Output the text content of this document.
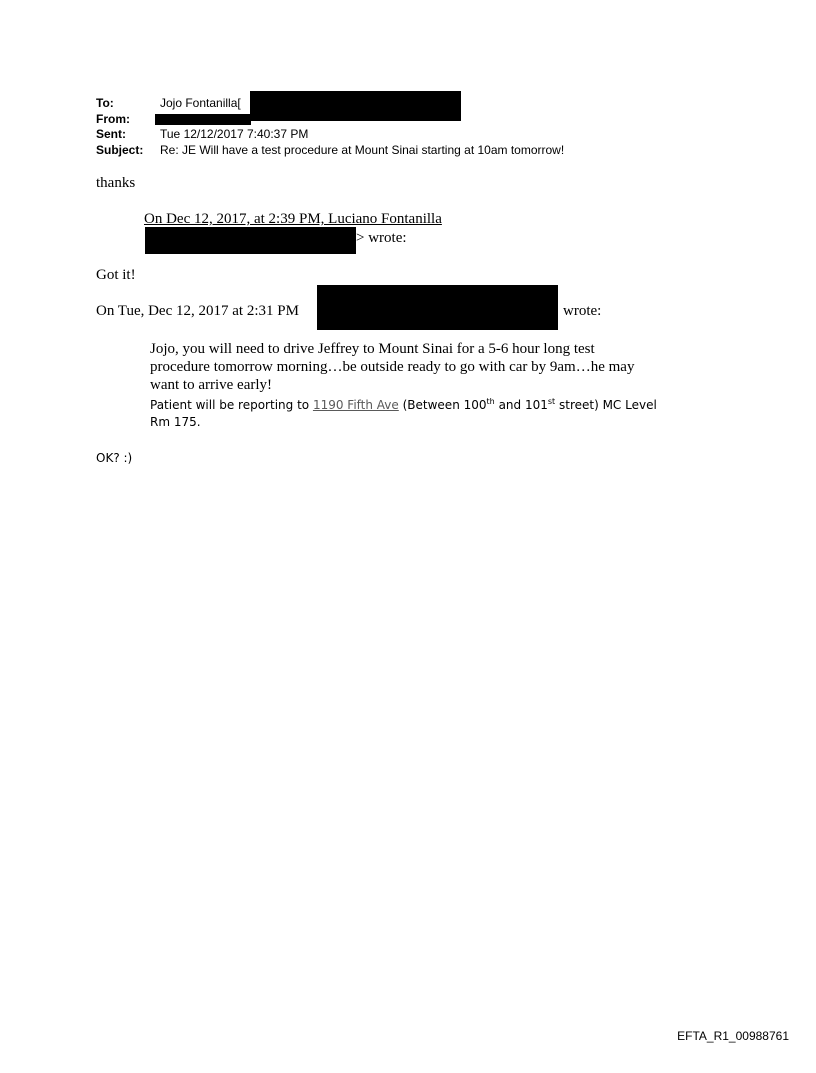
To:	Jojo Fontanilla[
From:
Sent:	Tue 12/12/2017 7:40:37 PM
Subject: Re: JE Will have a test procedure at Mount Sinai starting at 10am tomorrow!
thanks
On Dec 12, 2017, at 2:39 PM, Luciano Fontanilla
> wrote:
Got it!
On Tue, Dec 12, 2017 at 2:31 PM	wrote:
Jojo, you will need to drive Jeffrey to Mount Sinai for a 5-6 hour long test
procedure tomorrow morning…be outside ready to go with car by 9am…he may
want to arrive early!
Patient will be reporting to 1190 Fifth Ave (Between 100th and 101st street) MC Level
Rm 175.
OK? :)
EFTA_R1_00988761
